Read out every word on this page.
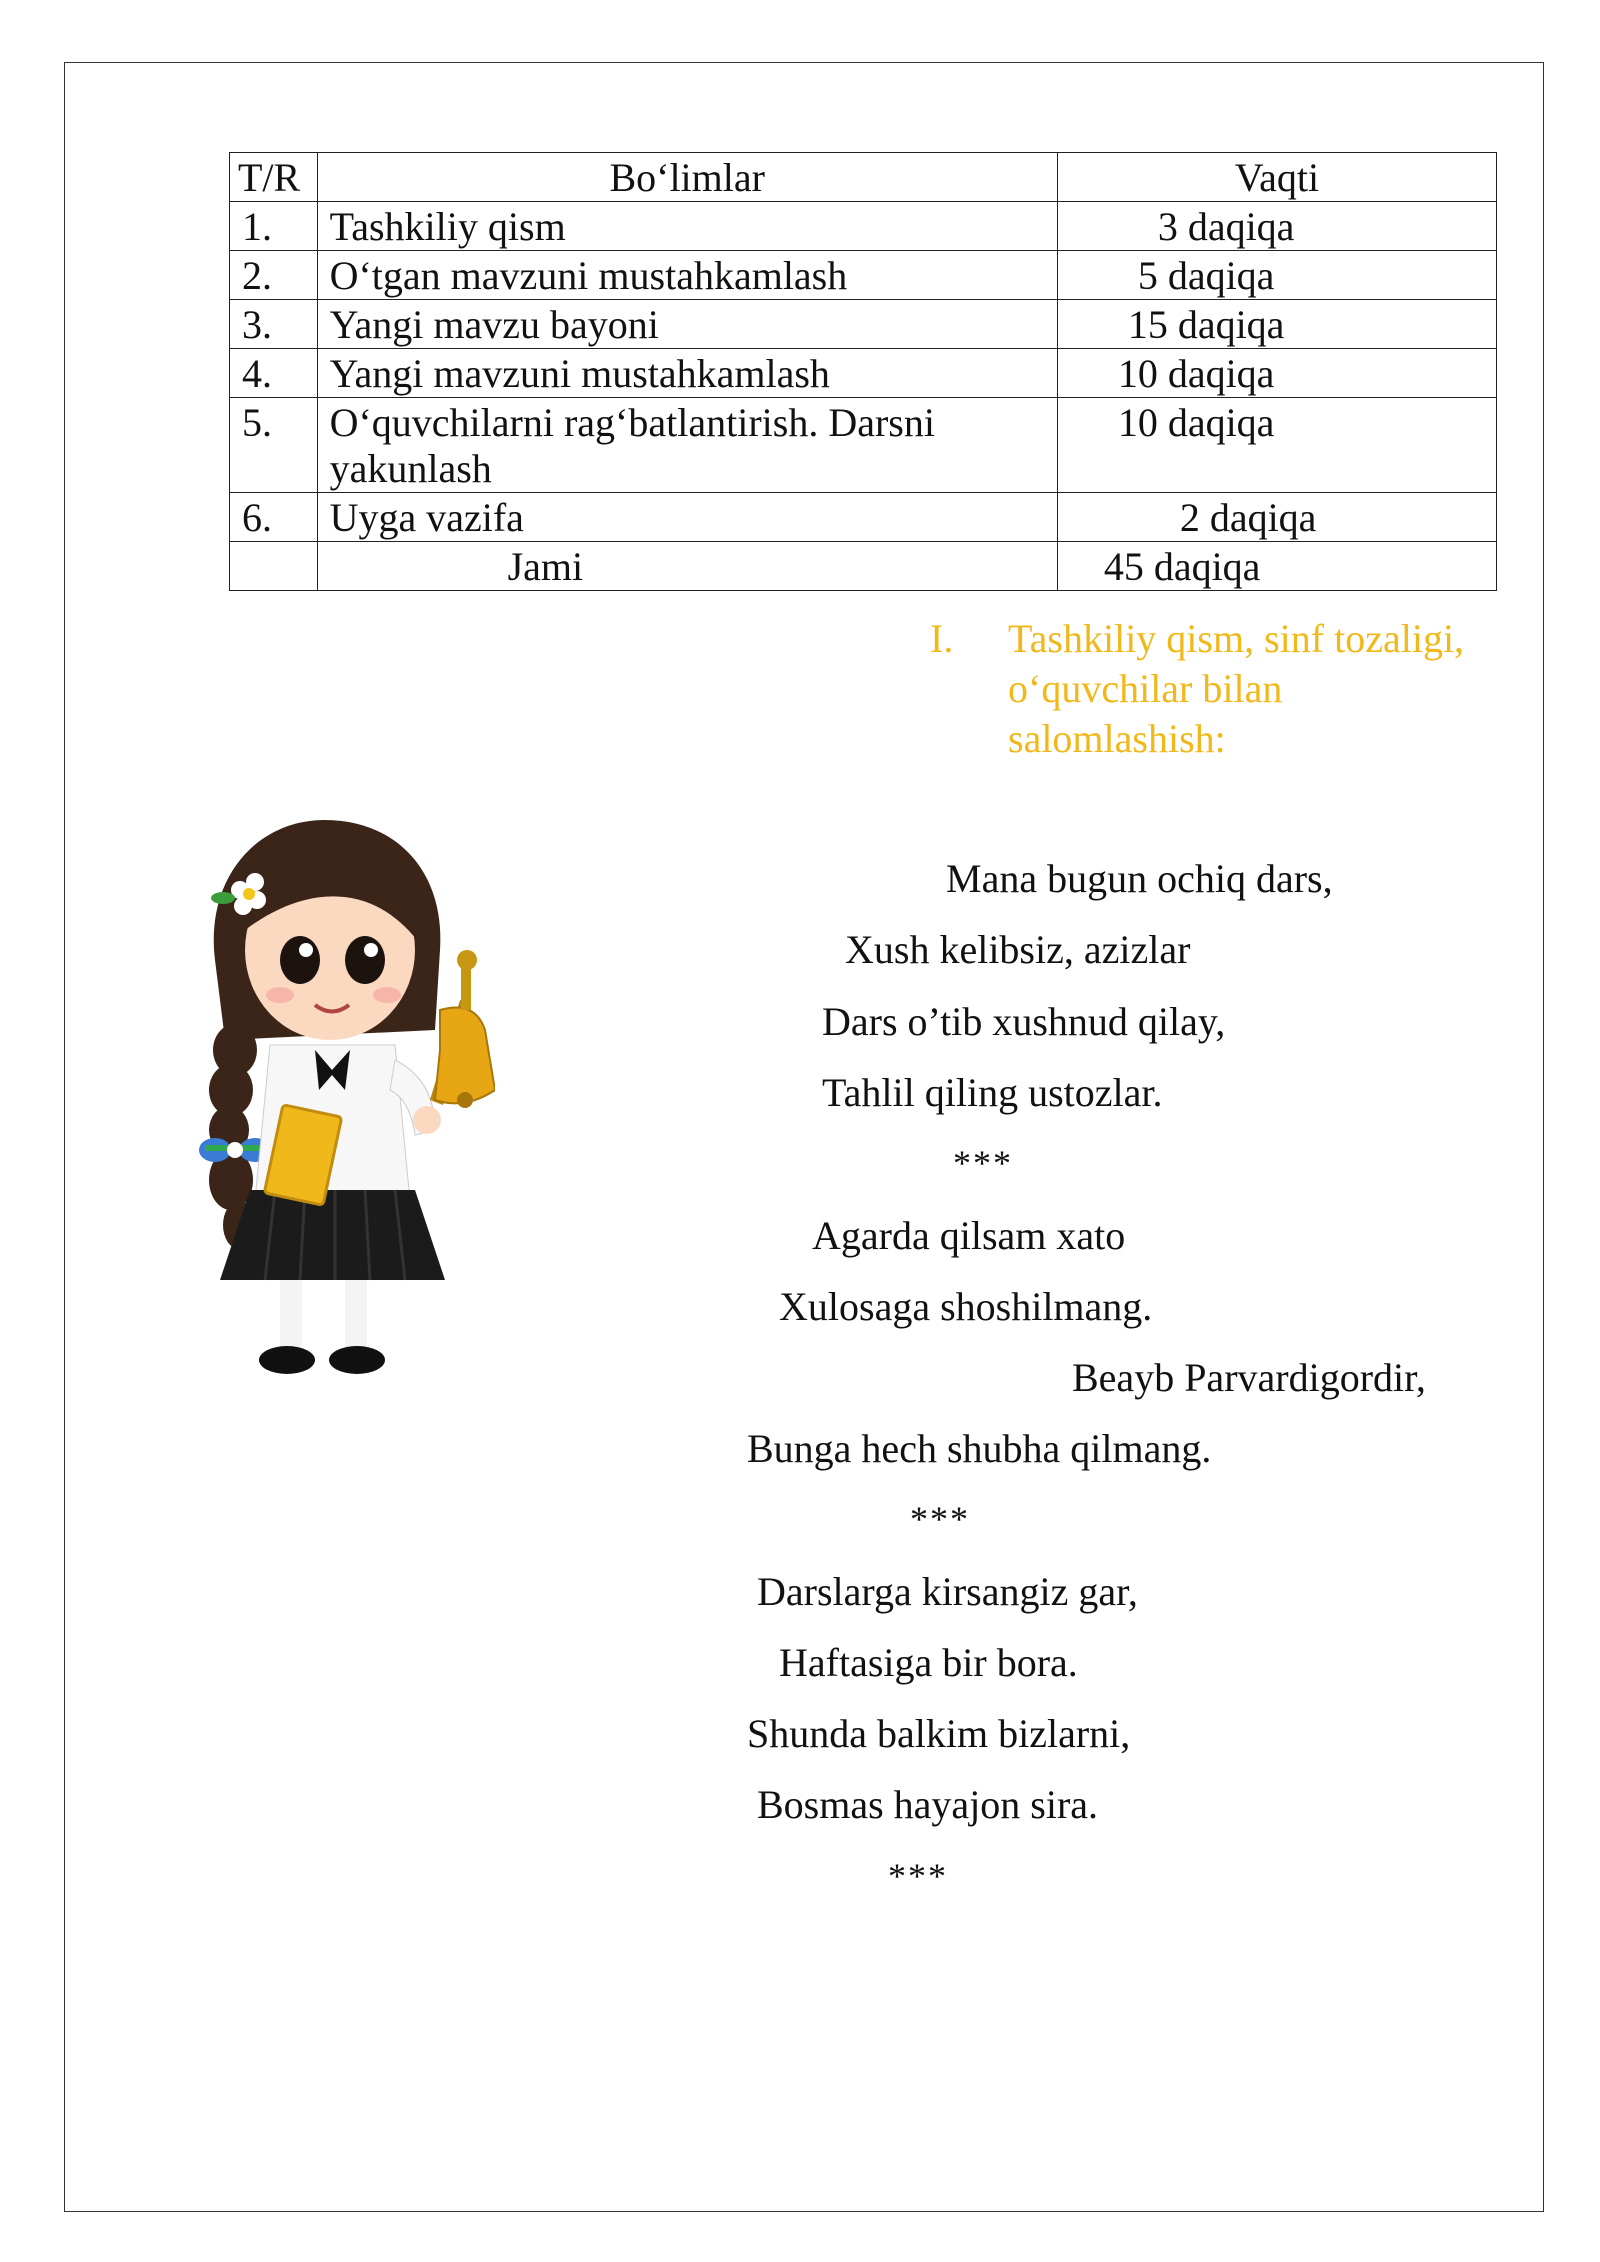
T/R	Bo‘limlar	Vaqti
1.	Tashkiliy qism	3 daqiqa
2.	O‘tgan mavzuni mustahkamlash	5 daqiqa
3.	Yangi mavzu bayoni	15 daqiqa
4.	Yangi mavzuni mustahkamlash	10 daqiqa
5.	O‘quvchilarni rag‘batlantirish. Darsni yakunlash	10 daqiqa
6.	Uyga vazifa	2 daqiqa
	Jami	45 daqiqa
I.	Tashkiliy qism, sinf tozaligi, o‘quvchilar bilan salomlashish:
Mana bugun ochiq dars,
Xush kelibsiz, azizlar
Dars o’tib xushnud qilay,
Tahlil qiling ustozlar.
***
Agarda qilsam xato
Xulosaga shoshilmang.
Beayb Parvardigordir,
Bunga hech shubha qilmang.
***
Darslarga kirsangiz gar,
Haftasiga bir bora.
Shunda balkim bizlarni,
Bosmas hayajon sira.
***
